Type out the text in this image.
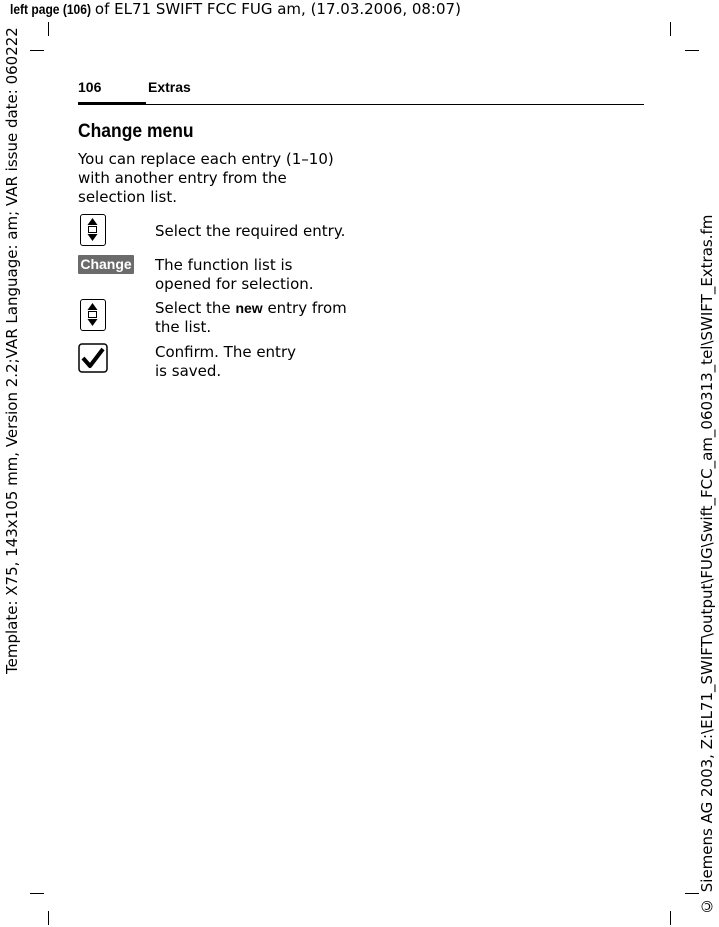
left page (106) of EL71 SWIFT FCC FUG am, (17.03.2006, 08:07)
Template: X75, 143x105 mm, Version 2.2;VAR Language: am; VAR issue date: 060222	© Siemens AG 2003, Z:\EL71_SWIFT\output\FUG\Swift_FCC_am_060313_tel\SWIFT_Extras.fm
106	Extras
Change menu
You can replace each entry (1–10) with another entry from the selection list.
Select the required entry.
Change The function list is opened for selection.
Select the new entry from the list.
Confirm. The entry is saved.
